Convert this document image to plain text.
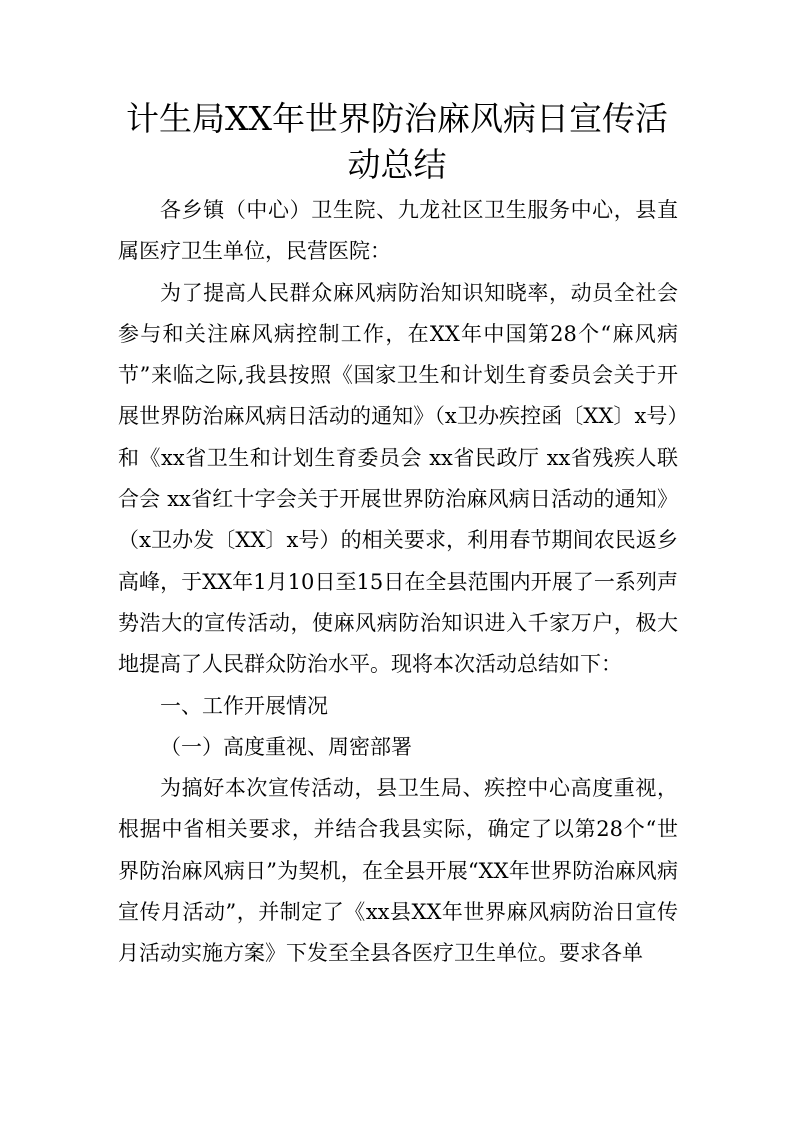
计生局XX年世界防治麻风病日宣传活动总结

各乡镇（中心）卫生院、九龙社区卫生服务中心，县直属医疗卫生单位，民营医院：

为了提高人民群众麻风病防治知识知晓率，动员全社会参与和关注麻风病控制工作，在XX年中国第28个“麻风病节”来临之际,我县按照《国家卫生和计划生育委员会关于开展世界防治麻风病日活动的通知》（x卫办疾控函〔XX〕x号）和《xx省卫生和计划生育委员会 xx省民政厅 xx省残疾人联合会 xx省红十字会关于开展世界防治麻风病日活动的通知》（x卫办发〔XX〕x号）的相关要求，利用春节期间农民返乡高峰，于XX年1月10日至15日在全县范围内开展了一系列声势浩大的宣传活动，使麻风病防治知识进入千家万户，极大地提高了人民群众防治水平。现将本次活动总结如下：

一、工作开展情况

（一）高度重视、周密部署

为搞好本次宣传活动，县卫生局、疾控中心高度重视，根据中省相关要求，并结合我县实际，确定了以第28个“世界防治麻风病日”为契机，在全县开展“XX年世界防治麻风病宣传月活动”，并制定了《xx县XX年世界麻风病防治日宣传月活动实施方案》下发至全县各医疗卫生单位。要求各单
